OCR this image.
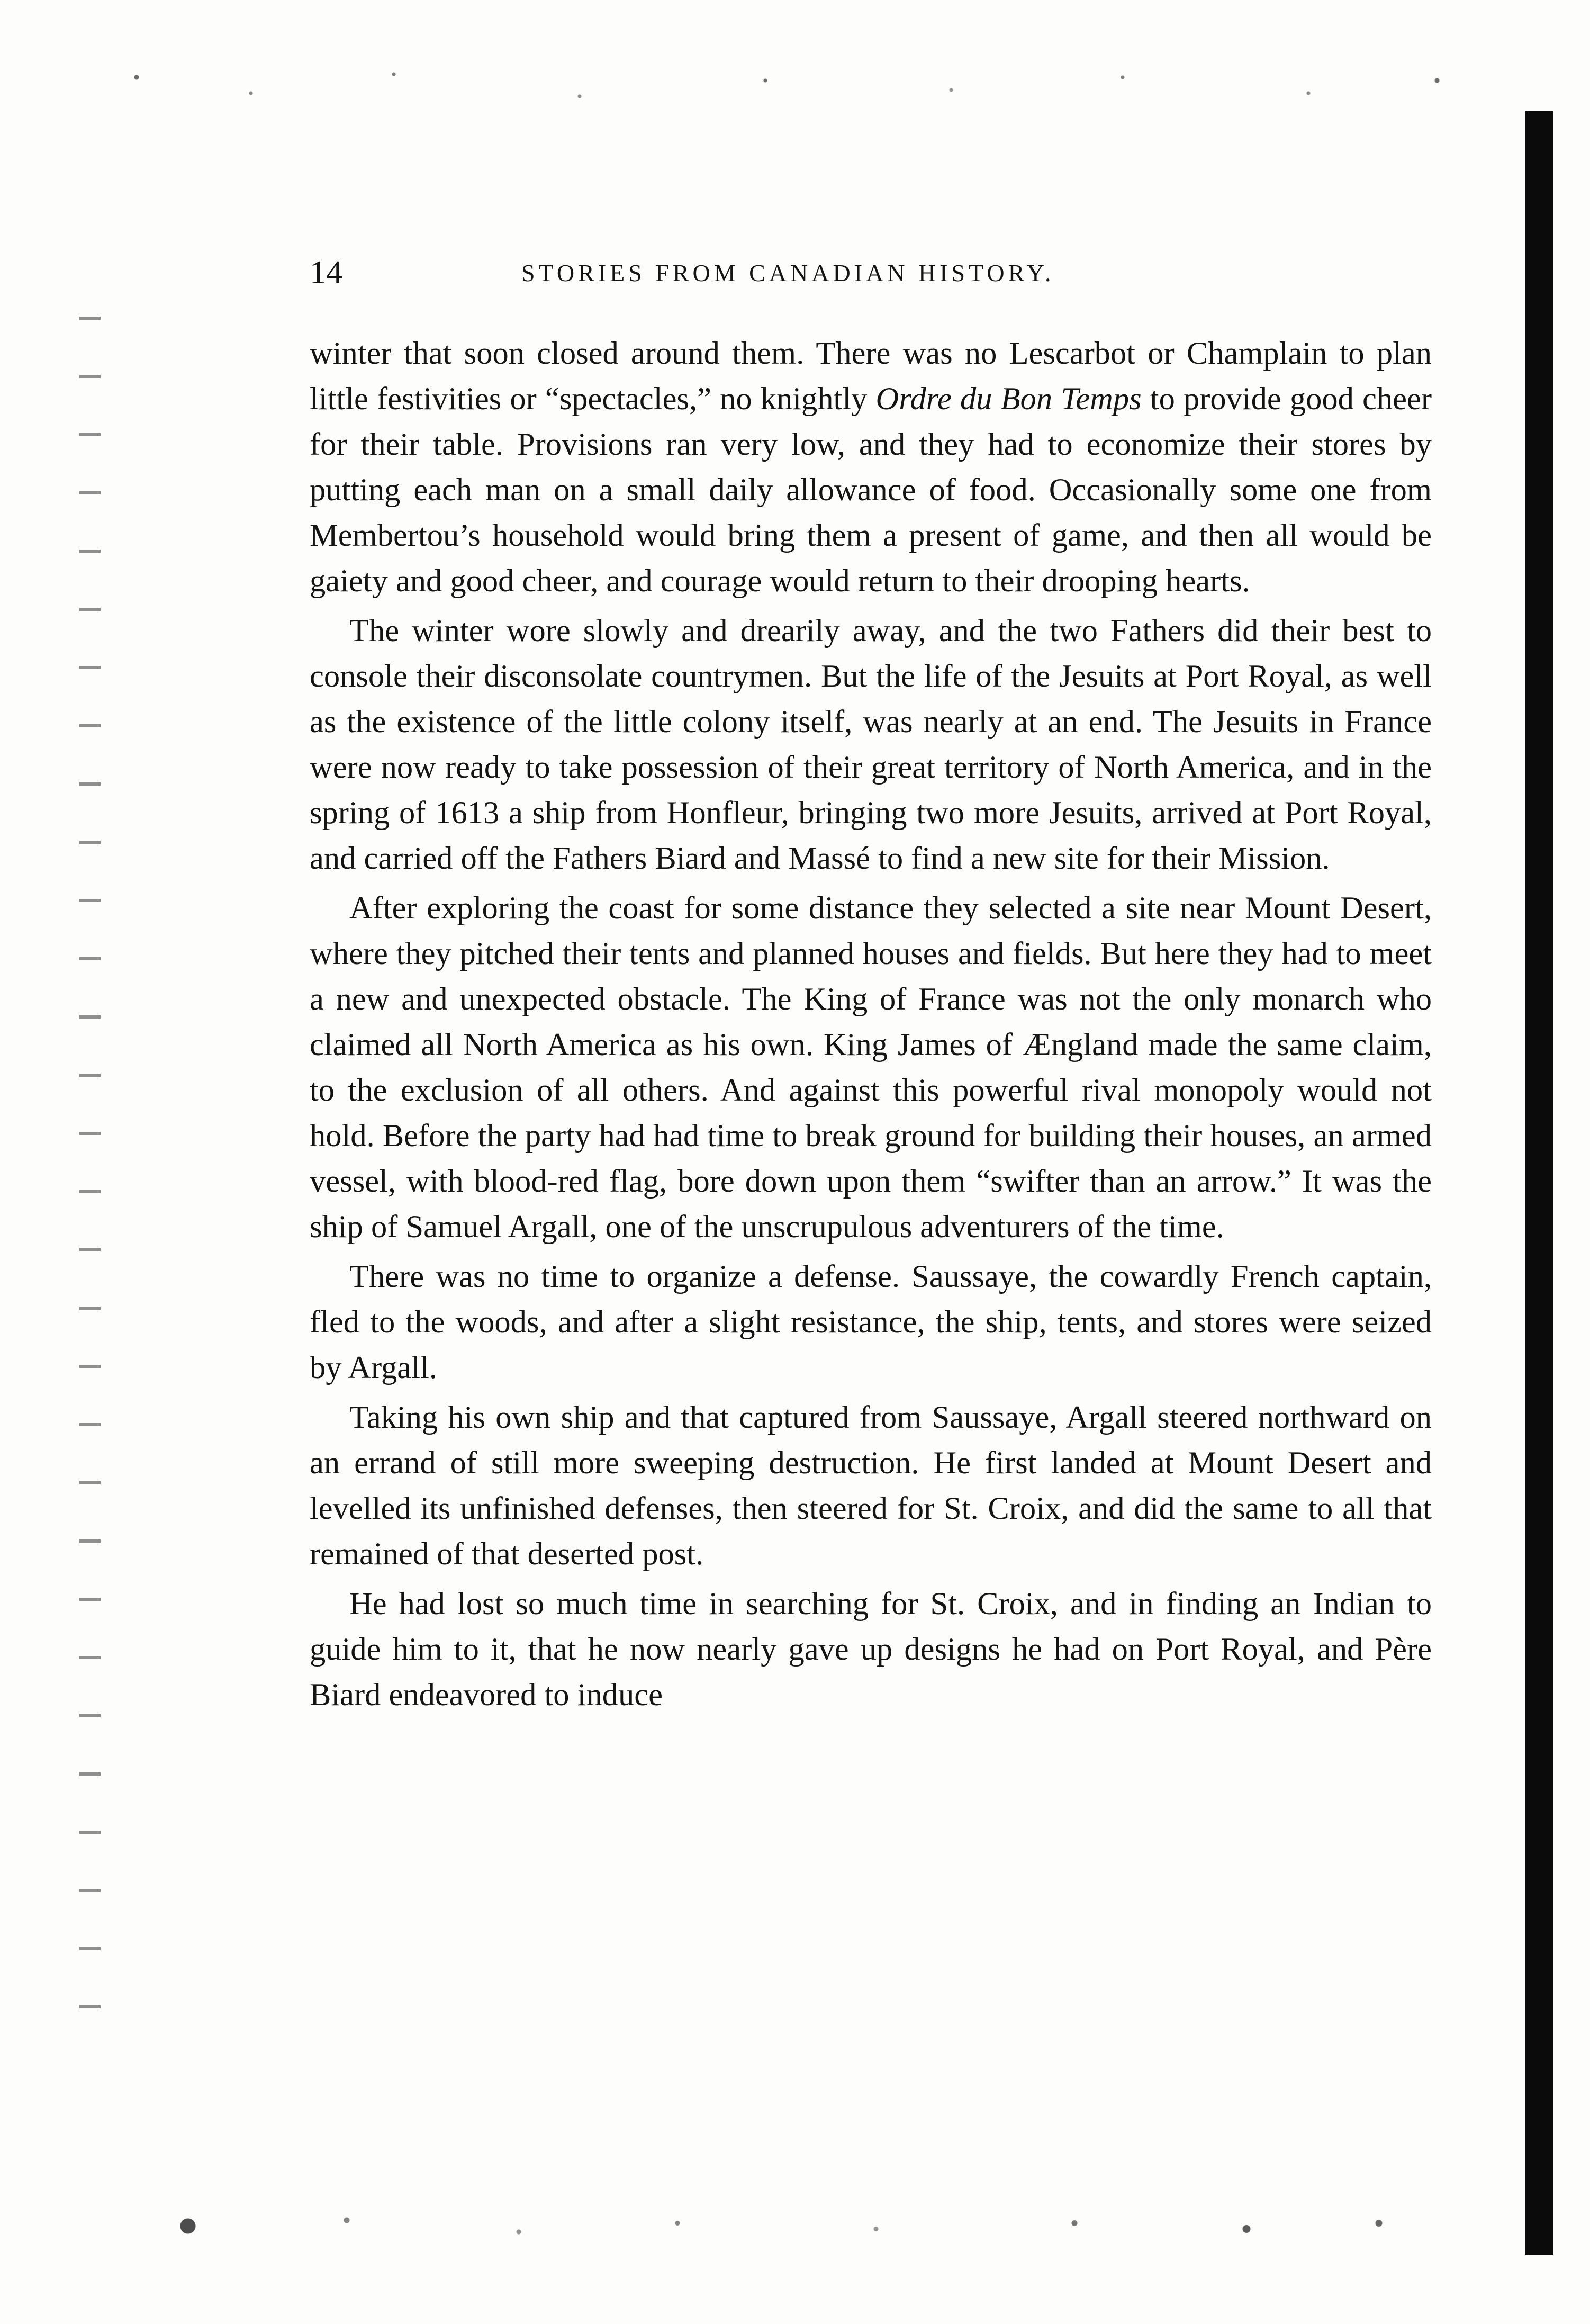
14	STORIES FROM CANADIAN HISTORY.

winter that soon closed around them. There was no Lescarbot or Champlain to plan little festivities or “spectacles,” no knightly Ordre du Bon Temps to provide good cheer for their table. Provisions ran very low, and they had to economize their stores by putting each man on a small daily allowance of food. Occasionally some one from Membertou’s household would bring them a present of game, and then all would be gaiety and good cheer, and courage would return to their drooping hearts.

The winter wore slowly and drearily away, and the two Fathers did their best to console their disconsolate countrymen. But the life of the Jesuits at Port Royal, as well as the existence of the little colony itself, was nearly at an end. The Jesuits in France were now ready to take possession of their great territory of North America, and in the spring of 1613 a ship from Honfleur, bringing two more Jesuits, arrived at Port Royal, and carried off the Fathers Biard and Massé to find a new site for their Mission.

After exploring the coast for some distance they selected a site near Mount Desert, where they pitched their tents and planned houses and fields. But here they had to meet a new and unexpected obstacle. The King of France was not the only monarch who claimed all North America as his own. King James of Ængland made the same claim, to the exclusion of all others. And against this powerful rival monopoly would not hold. Before the party had had time to break ground for building their houses, an armed vessel, with blood-red flag, bore down upon them “swifter than an arrow.” It was the ship of Samuel Argall, one of the unscrupulous adventurers of the time.

There was no time to organize a defense. Saussaye, the cowardly French captain, fled to the woods, and after a slight resistance, the ship, tents, and stores were seized by Argall.

Taking his own ship and that captured from Saussaye, Argall steered northward on an errand of still more sweeping destruction. He first landed at Mount Desert and levelled its unfinished defenses, then steered for St. Croix, and did the same to all that remained of that deserted post.

He had lost so much time in searching for St. Croix, and in finding an Indian to guide him to it, that he now nearly gave up designs he had on Port Royal, and Père Biard endeavored to induce
